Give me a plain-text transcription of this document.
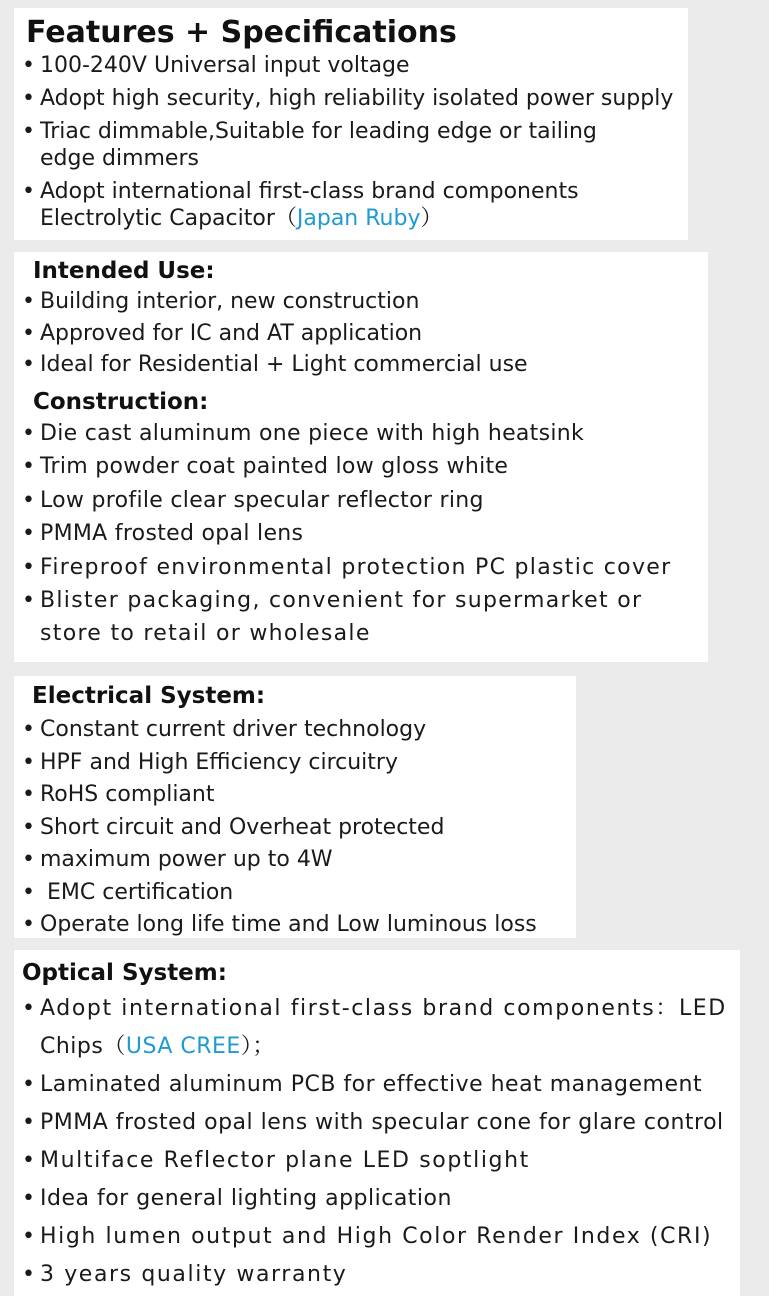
Features + Specifications
• 100-240V Universal input voltage
• Adopt high security, high reliability isolated power supply
• Triac dimmable,Suitable for leading edge or tailing
edge dimmers
• Adopt international first-class brand components
Electrolytic Capacitor（Japan Ruby）
Intended Use:
• Building interior, new construction
• Approved for IC and AT application
• Ideal for Residential + Light commercial use
Construction:
• Die cast aluminum one piece with high heatsink
• Trim powder coat painted low gloss white
• Low profile clear specular reflector ring
• PMMA frosted opal lens
• Fireproof environmental protection PC plastic cover
• Blister packaging, convenient for supermarket or
store to retail or wholesale
Electrical System:
• Constant current driver technology
• HPF and High Efficiency circuitry
• RoHS compliant
• Short circuit and Overheat protected
• maximum power up to 4W
•  EMC certification
• Operate long life time and Low luminous loss
Optical System:
• Adopt international first-class brand components：LED
Chips（USA CREE）；
• Laminated aluminum PCB for effective heat management
• PMMA frosted opal lens with specular cone for glare control
• Multiface Reflector plane LED soptlight
• Idea for general lighting application
• High lumen output and High Color Render Index (CRI)
• 3 years quality warranty
